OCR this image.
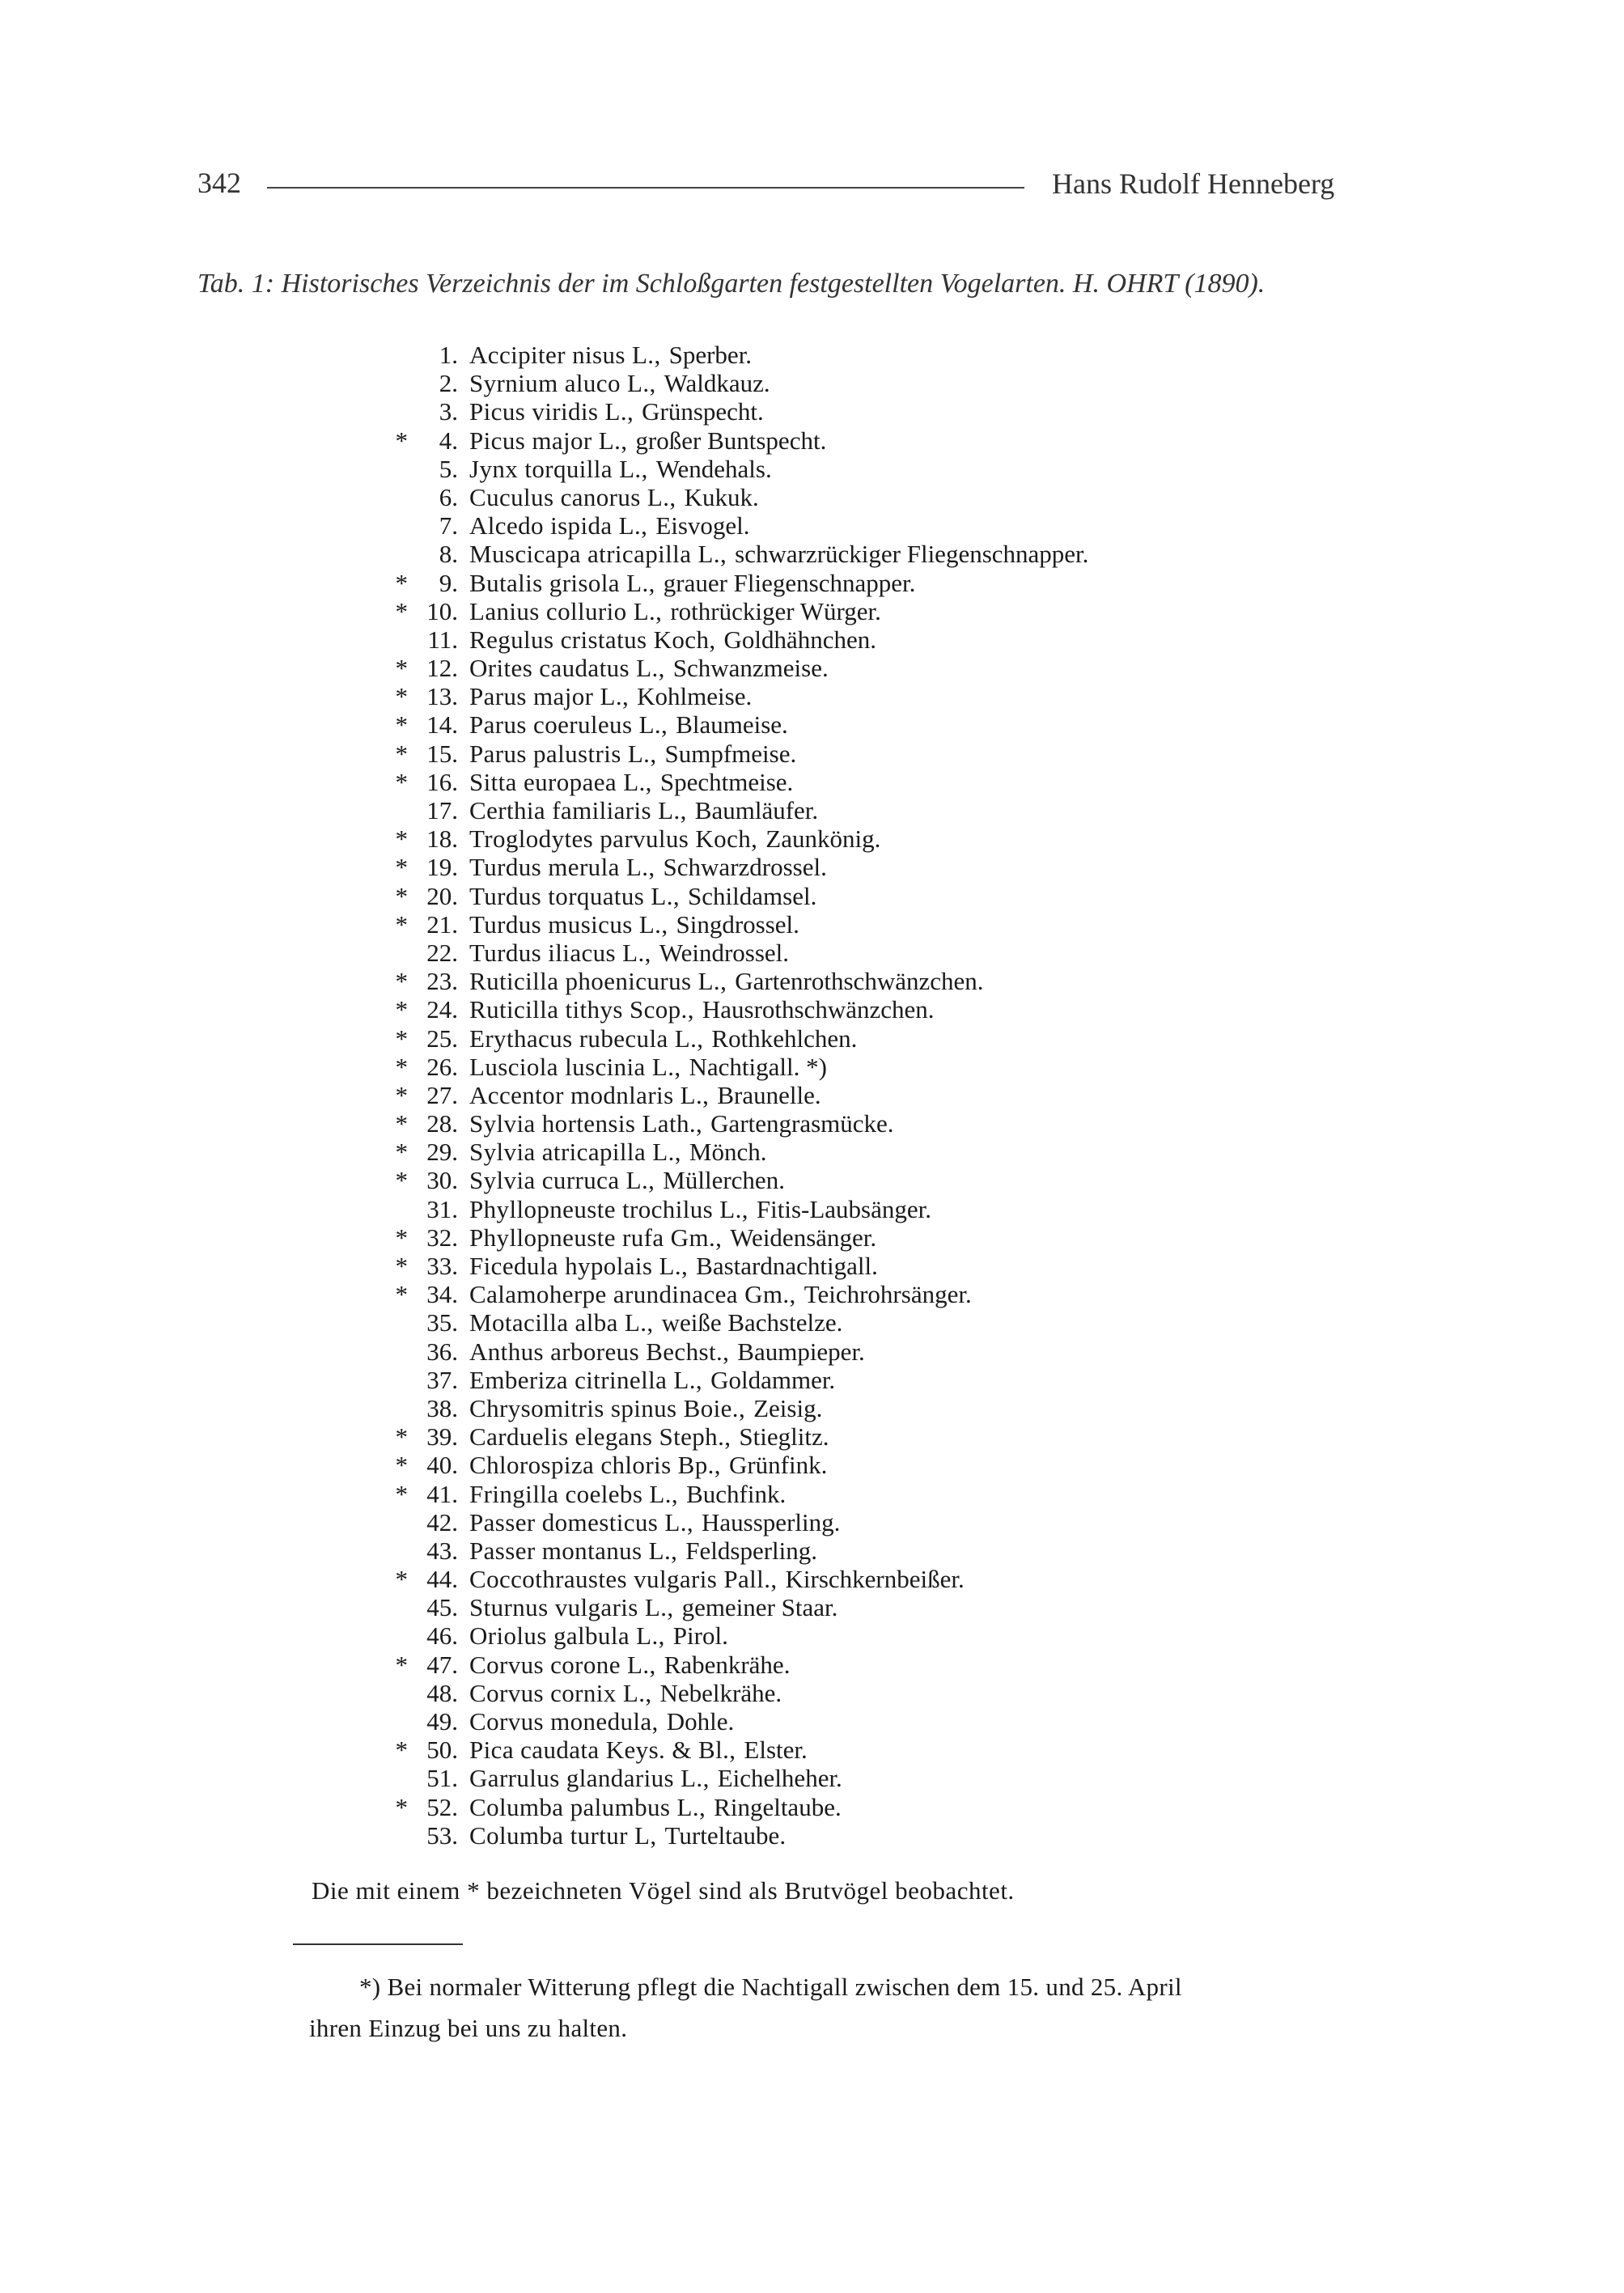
342	Hans Rudolf Henneberg
Tab. 1: Historisches Verzeichnis der im Schloßgarten festgestellten Vogelarten. H. OHRT (1890).
1. Accipiter nisus L., Sperber.
2. Syrnium aluco L., Waldkauz.
3. Picus viridis L., Grünspecht.
*	4. Picus major L., großer Buntspecht.
5. Jynx torquilla L., Wendehals.
6. Cuculus canorus L., Kukuk.
7. Alcedo ispida L., Eisvogel.
8. Muscicapa atricapilla L., schwarzrückiger Fliegenschnapper.
*	9. Butalis grisola L., grauer Fliegenschnapper.
* 10. Lanius collurio L., rothrückiger Würger.
11. Regulus cristatus Koch, Goldhähnchen.
* 12. Orites caudatus L., Schwanzmeise.
* 13. Parus major L., Kohlmeise.
* 14. Parus coeruleus L., Blaumeise.
* 15. Parus palustris L., Sumpfmeise.
* 16. Sitta europaea L., Spechtmeise.
17. Certhia familiaris L., Baumläufer.
* 18. Troglodytes parvulus Koch, Zaunkönig.
* 19. Turdus merula L., Schwarzdrossel.
* 20. Turdus torquatus L., Schildamsel.
* 21. Turdus musicus L., Singdrossel.
22. Turdus iliacus L., Weindrossel.
* 23. Ruticilla phoenicurus L., Gartenrothschwänzchen.
* 24. Ruticilla tithys Scop., Hausrothschwänzchen.
* 25. Erythacus rubecula L., Rothkehlchen.
* 26. Lusciola luscinia L., Nachtigall. *)
* 27. Accentor modnlaris L., Braunelle.
* 28. Sylvia hortensis Lath., Gartengrasmücke.
* 29. Sylvia atricapilla L., Mönch.
* 30. Sylvia curruca L., Müllerchen.
31. Phyllopneuste trochilus L., Fitis-Laubsänger.
* 32. Phyllopneuste rufa Gm., Weidensänger.
* 33. Ficedula hypolais L., Bastardnachtigall.
* 34. Calamoherpe arundinacea Gm., Teichrohrsänger.
35. Motacilla alba L., weiße Bachstelze.
36. Anthus arboreus Bechst., Baumpieper.
37. Emberiza citrinella L., Goldammer.
38. Chrysomitris spinus Boie., Zeisig.
* 39. Carduelis elegans Steph., Stieglitz.
* 40. Chlorospiza chloris Bp., Grünfink.
* 41. Fringilla coelebs L., Buchfink.
42. Passer domesticus L., Haussperling.
43. Passer montanus L., Feldsperling.
* 44. Coccothraustes vulgaris Pall., Kirschkernbeißer.
45. Sturnus vulgaris L., gemeiner Staar.
46. Oriolus galbula L., Pirol.
* 47. Corvus corone L., Rabenkrähe.
48. Corvus cornix L., Nebelkrähe.
49. Corvus monedula, Dohle.
* 50. Pica caudata Keys. & Bl., Elster.
51. Garrulus glandarius L., Eichelheher.
* 52. Columba palumbus L., Ringeltaube.
53. Columba turtur L, Turteltaube.
Die mit einem * bezeichneten Vögel sind als Brutvögel beobachtet.
*) Bei normaler Witterung pflegt die Nachtigall zwischen dem 15. und 25. April
ihren Einzug bei uns zu halten.
